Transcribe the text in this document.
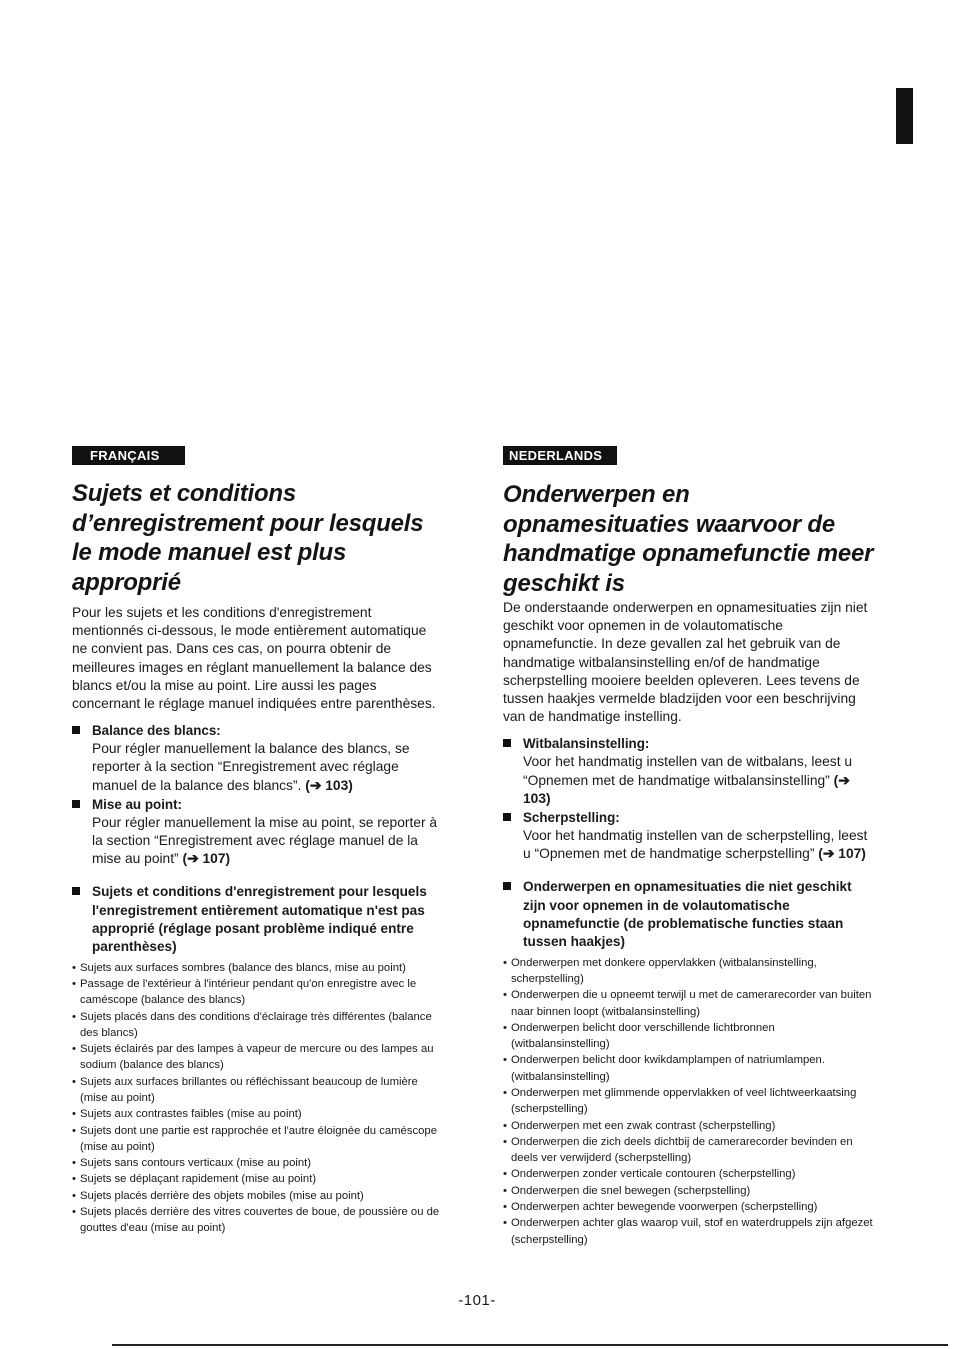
FRANÇAIS
Sujets et conditions d’enregistrement pour lesquels le mode manuel est plus approprié

Pour les sujets et les conditions d'enregistrement mentionnés ci-dessous, le mode entièrement automatique ne convient pas. Dans ces cas, on pourra obtenir de meilleures images en réglant manuellement la balance des blancs et/ou la mise au point. Lire aussi les pages concernant le réglage manuel indiquées entre parenthèses.

Balance des blancs:
Pour régler manuellement la balance des blancs, se reporter à la section “Enregistrement avec réglage manuel de la balance des blancs”. (➔ 103)
Mise au point:
Pour régler manuellement la mise au point, se reporter à la section “Enregistrement avec réglage manuel de la mise au point” (➔ 107)
Sujets et conditions d'enregistrement pour lesquels l'enregistrement entièrement automatique n'est pas approprié (réglage posant problème indiqué entre parenthèses)
• Sujets aux surfaces sombres (balance des blancs, mise au point)
• Passage de l'extérieur à l'intérieur pendant qu'on enregistre avec le caméscope (balance des blancs)
• Sujets placés dans des conditions d'éclairage très différentes (balance des blancs)
• Sujets éclairés par des lampes à vapeur de mercure ou des lampes au sodium (balance des blancs)
• Sujets aux surfaces brillantes ou réfléchissant beaucoup de lumière (mise au point)
• Sujets aux contrastes faibles (mise au point)
• Sujets dont une partie est rapprochée et l'autre éloignée du caméscope (mise au point)
• Sujets sans contours verticaux (mise au point)
• Sujets se déplaçant rapidement (mise au point)
• Sujets placés derrière des objets mobiles (mise au point)
• Sujets placés derrière des vitres couvertes de boue, de poussière ou de gouttes d'eau (mise au point)
NEDERLANDS
Onderwerpen en opnamesituaties waarvoor de handmatige opnamefunctie meer geschikt is

De onderstaande onderwerpen en opnamesituaties zijn niet geschikt voor opnemen in de volautomatische opnamefunctie. In deze gevallen zal het gebruik van de handmatige witbalansinstelling en/of de handmatige scherpstelling mooiere beelden opleveren. Lees tevens de tussen haakjes vermelde bladzijden voor een beschrijving van de handmatige instelling.

Witbalansinstelling:
Voor het handmatig instellen van de witbalans, leest u “Opnemen met de handmatige witbalansinstelling” (➔ 103)
Scherpstelling:
Voor het handmatig instellen van de scherpstelling, leest u “Opnemen met de handmatige scherpstelling” (➔ 107)
Onderwerpen en opnamesituaties die niet geschikt zijn voor opnemen in de volautomatische opnamefunctie (de problematische functies staan tussen haakjes)
• Onderwerpen met donkere oppervlakken (witbalansinstelling, scherpstelling)
• Onderwerpen die u opneemt terwijl u met de camerarecorder van buiten naar binnen loopt (witbalansinstelling)
• Onderwerpen belicht door verschillende lichtbronnen (witbalansinstelling)
• Onderwerpen belicht door kwikdamplampen of natriumlampen. (witbalansinstelling)
• Onderwerpen met glimmende oppervlakken of veel lichtweerkaatsing (scherpstelling)
• Onderwerpen met een zwak contrast (scherpstelling)
• Onderwerpen die zich deels dichtbij de camerarecorder bevinden en deels ver verwijderd (scherpstelling)
• Onderwerpen zonder verticale contouren (scherpstelling)
• Onderwerpen die snel bewegen (scherpstelling)
• Onderwerpen achter bewegende voorwerpen (scherpstelling)
• Onderwerpen achter glas waarop vuil, stof en waterdruppels zijn afgezet (scherpstelling)
-101-
